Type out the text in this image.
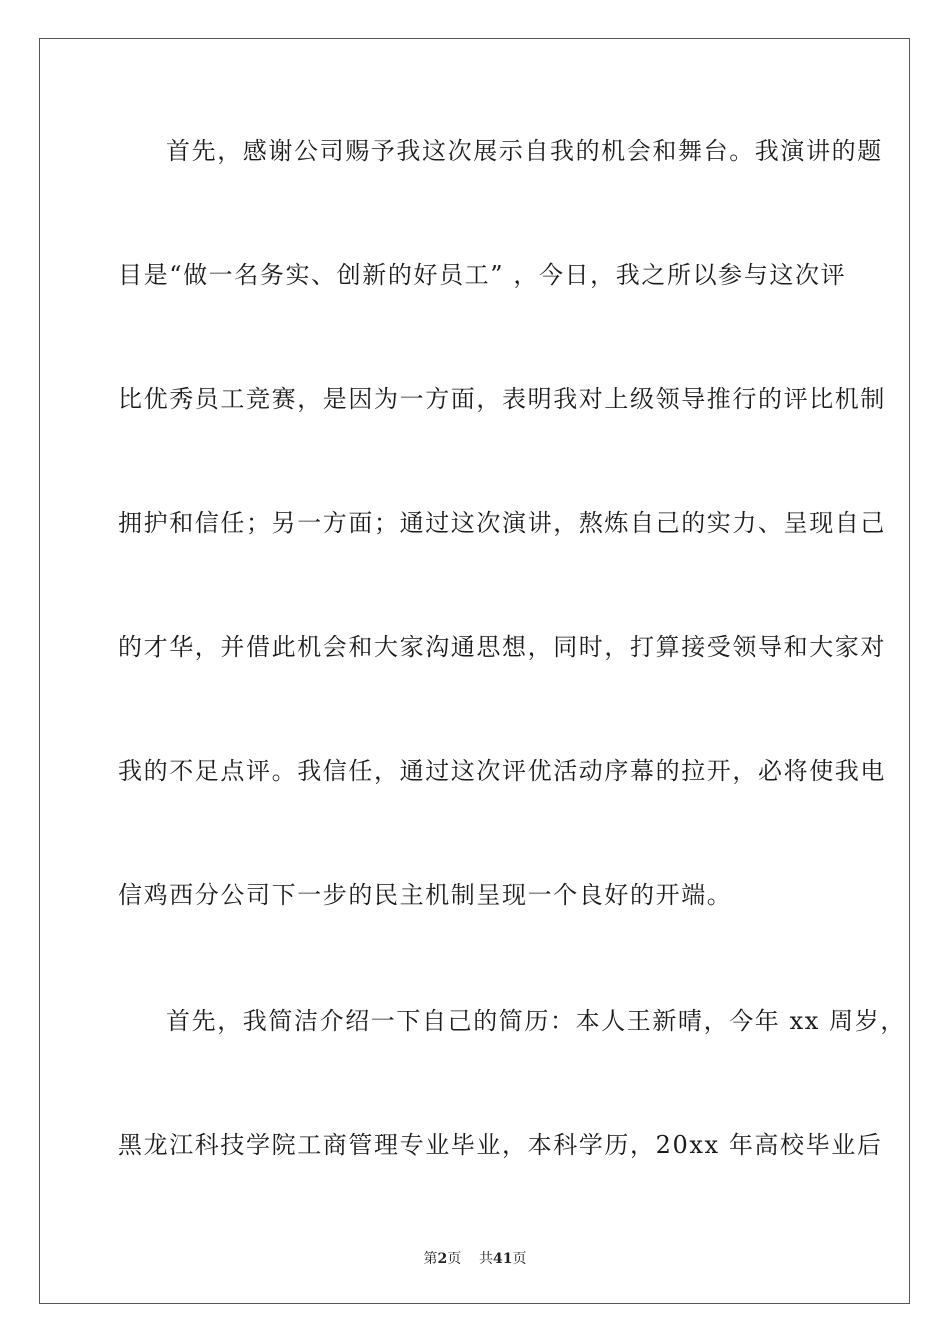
首先，感谢公司赐予我这次展示自我的机会和舞台。我演讲的题
目是“做一名务实、创新的好员工” ，今日，我之所以参与这次评
比优秀员工竞赛，是因为一方面，表明我对上级领导推行的评比机制
拥护和信任；另一方面；通过这次演讲，熬炼自己的实力、呈现自己
的才华，并借此机会和大家沟通思想，同时，打算接受领导和大家对
我的不足点评。我信任，通过这次评优活动序幕的拉开，必将使我电
信鸡西分公司下一步的民主机制呈现一个良好的开端。
首先，我简洁介绍一下自己的简历：本人王新晴，今年 xx 周岁，
黑龙江科技学院工商管理专业毕业，本科学历，20xx 年高校毕业后
第2页 共41页
